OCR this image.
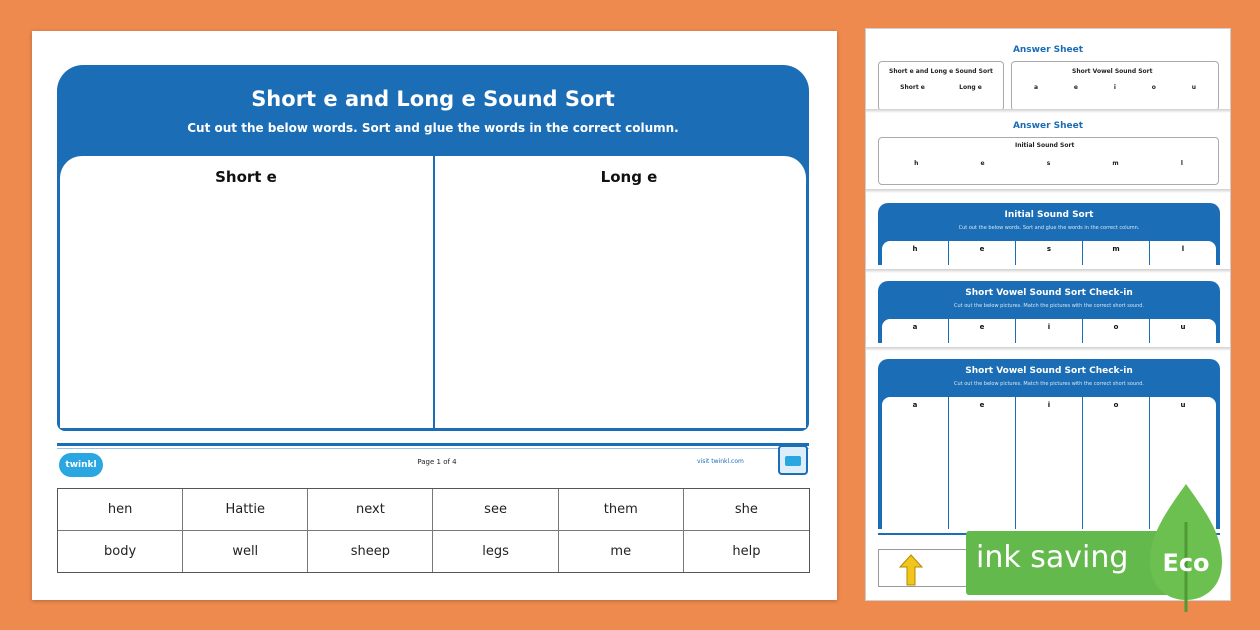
Short e and Long e Sound Sort
Cut out the below words. Sort and glue the words in the correct column.
Short e	Long e
twinkl	Page 1 of 4	visit twinkl.com
hen	Hattie	next	see	them	she
body	well	sheep	legs	me	help
Answer Sheet
Short e and Long e Sound Sort
Short e	Long e
Short Vowel Sound Sort
a	e	i	o	u
Answer Sheet
Initial Sound Sort
h	e	s	m	l
Initial Sound Sort
Cut out the below words. Sort and glue the words in the correct column.
h	e	s	m	l
Short Vowel Sound Sort Check-in
Cut out the below pictures. Match the pictures with the correct short sound.
a	e	i	o	u
Short Vowel Sound Sort Check-in
Cut out the below pictures. Match the pictures with the correct short sound.
a	e	i	o	u
ink saving Eco
